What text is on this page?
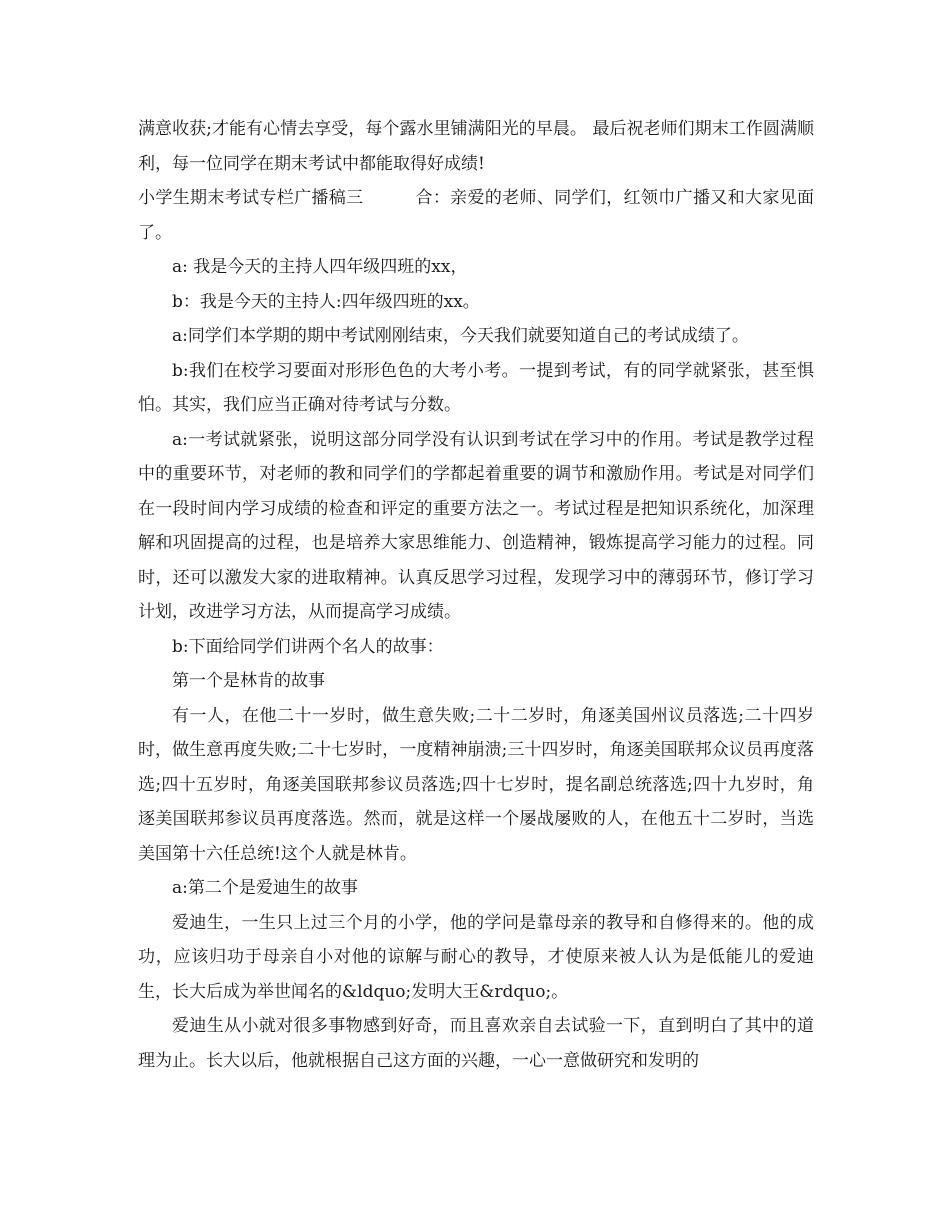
满意收获;才能有心情去享受，每个露水里铺满阳光的早晨。 最后祝老师们期末工作圆满顺利，每一位同学在期末考试中都能取得好成绩!

小学生期末考试专栏广播稿三　　　合：亲爱的老师、同学们，红领巾广播又和大家见面了。

a: 我是今天的主持人四年级四班的xx，

b：我是今天的主持人:四年级四班的xx。

a:同学们本学期的期中考试刚刚结束，今天我们就要知道自己的考试成绩了。

b:我们在校学习要面对形形色色的大考小考。一提到考试，有的同学就紧张，甚至惧怕。其实，我们应当正确对待考试与分数。

a:一考试就紧张，说明这部分同学没有认识到考试在学习中的作用。考试是教学过程中的重要环节，对老师的教和同学们的学都起着重要的调节和激励作用。考试是对同学们在一段时间内学习成绩的检查和评定的重要方法之一。考试过程是把知识系统化，加深理解和巩固提高的过程，也是培养大家思维能力、创造精神，锻炼提高学习能力的过程。同时，还可以激发大家的进取精神。认真反思学习过程，发现学习中的薄弱环节，修订学习计划，改进学习方法，从而提高学习成绩。

b:下面给同学们讲两个名人的故事：

第一个是林肯的故事

有一人，在他二十一岁时，做生意失败;二十二岁时，角逐美国州议员落选;二十四岁时，做生意再度失败;二十七岁时，一度精神崩溃;三十四岁时，角逐美国联邦众议员再度落选;四十五岁时，角逐美国联邦参议员落选;四十七岁时，提名副总统落选;四十九岁时，角逐美国联邦参议员再度落选。然而，就是这样一个屡战屡败的人，在他五十二岁时，当选美国第十六任总统!这个人就是林肯。

a:第二个是爱迪生的故事

爱迪生，一生只上过三个月的小学，他的学问是靠母亲的教导和自修得来的。他的成功，应该归功于母亲自小对他的谅解与耐心的教导，才使原来被人认为是低能儿的爱迪生，长大后成为举世闻名的&ldquo;发明大王&rdquo;。

爱迪生从小就对很多事物感到好奇，而且喜欢亲自去试验一下，直到明白了其中的道理为止。长大以后，他就根据自己这方面的兴趣，一心一意做研究和发明的
